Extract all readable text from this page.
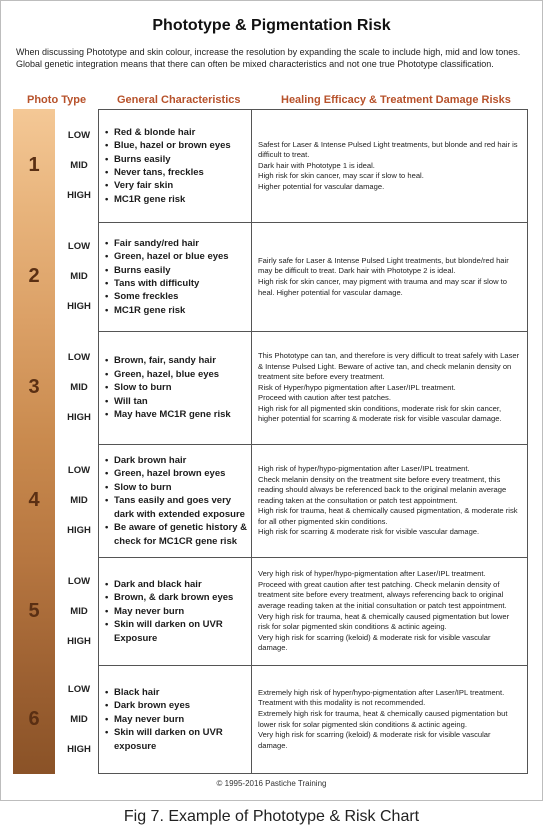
Phototype & Pigmentation Risk
When discussing Phototype and skin colour, increase the resolution by expanding the scale to include high, mid and low tones. Global genetic integration means that there can often be mixed characteristics and not one true Phototype classification.
Photo Type	General Characteristics	Healing Efficacy & Treatment Damage Risks
1
LOW
MID
HIGH
2
LOW
MID
HIGH
3
LOW
MID
HIGH
4
LOW
MID
HIGH
5
LOW
MID
HIGH
6
LOW
MID
HIGH
• Red & blonde hair
• Blue, hazel or brown eyes
• Burns easily
• Never tans, freckles
• Very fair skin
• MC1R gene risk

Safest for Laser & Intense Pulsed Light treatments, but blonde and red hair is difficult to treat.
Dark hair with Phototype 1 is ideal.
High risk for skin cancer, may scar if slow to heal.
Higher potential for vascular damage.

• Fair sandy/red hair
• Green, hazel or blue eyes
• Burns easily
• Tans with difficulty
• Some freckles
• MC1R gene risk

Fairly safe for Laser & Intense Pulsed Light treatments, but blonde/red hair may be difficult to treat. Dark hair with Phototype 2 is ideal.
High risk for skin cancer, may pigment with trauma and may scar if slow to heal. Higher potential for vascular damage.

• Brown, fair, sandy hair
• Green, hazel, blue eyes
• Slow to burn
• Will tan
• May have MC1R gene risk

This Phototype can tan, and therefore is very difficult to treat safely with Laser & Intense Pulsed Light. Beware of active tan, and check melanin density on treatment site before every treatment.
Risk of Hyper/hypo pigmentation after Laser/IPL treatment.
Proceed with caution after test patches.
High risk for all pigmented skin conditions, moderate risk for skin cancer, higher potential for scarring & moderate risk for visible vascular damage.

• Dark brown hair
• Green, hazel brown eyes
• Slow to burn
• Tans easily and goes very dark with extended exposure
• Be aware of genetic history & check for MC1CR gene risk

High risk of hyper/hypo-pigmentation after Laser/IPL treatment.
Check melanin density on the treatment site before every treatment, this reading should always be referenced back to the original melanin average reading taken at the consultation or patch test appointment.
High risk for trauma, heat & chemically caused pigmentation, & moderate risk for all other pigmented skin conditions.
High risk for scarring & moderate risk for visible vascular damage.

• Dark and black hair
• Brown, & dark brown eyes
• May never burn
• Skin will darken on UVR Exposure

Very high risk of hyper/hypo-pigmentation after Laser/IPL treatment.
Proceed with great caution after test patching. Check melanin density of treatment site before every treatment, always referencing back to original average reading taken at the initial consultation or patch test appointment.
Very high risk for trauma, heat & chemically caused pigmentation but lower risk for solar pigmented skin conditions & actinic ageing.
Very high risk for scarring (keloid) & moderate risk for visible vascular damage.

• Black hair
• Dark brown eyes
• May never burn
• Skin will darken on UVR exposure

Extremely high risk of hyper/hypo-pigmentation after Laser/IPL treatment.
Treatment with this modality is not recommended.
Extremely high risk for trauma, heat & chemically caused pigmentation but lower risk for solar pigmented skin conditions & actinic ageing.
Very high risk for scarring (keloid) & moderate risk for visible vascular damage.

© 1995-2016 Pastiche Training
Fig 7. Example of Phototype & Risk Chart
